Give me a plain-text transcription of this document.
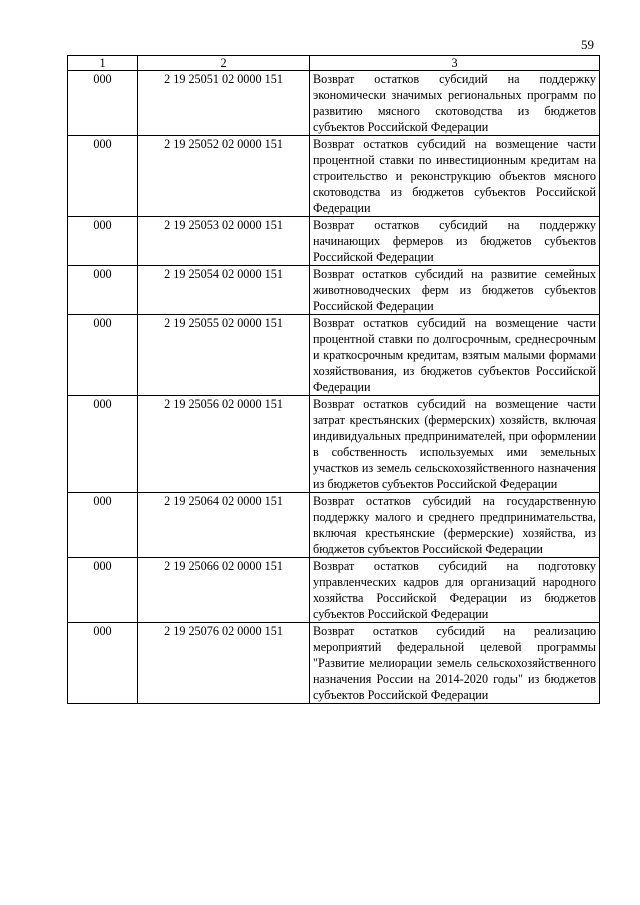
59
1	2	3
000	2 19 25051 02 0000 151	Возврат остатков субсидий на поддержку экономически значимых региональных программ по развитию мясного скотоводства из бюджетов субъектов Российской Федерации
000	2 19 25052 02 0000 151	Возврат остатков субсидий на возмещение части процентной ставки по инвестиционным кредитам на строительство и реконструкцию объектов мясного скотоводства из бюджетов субъектов Российской Федерации
000	2 19 25053 02 0000 151	Возврат остатков субсидий на поддержку начинающих фермеров из бюджетов субъектов Российской Федерации
000	2 19 25054 02 0000 151	Возврат остатков субсидий на развитие семейных животноводческих ферм из бюджетов субъектов Российской Федерации
000	2 19 25055 02 0000 151	Возврат остатков субсидий на возмещение части процентной ставки по долгосрочным, среднесрочным и краткосрочным кредитам, взятым малыми формами хозяйствования, из бюджетов субъектов Российской Федерации
000	2 19 25056 02 0000 151	Возврат остатков субсидий на возмещение части затрат крестьянских (фермерских) хозяйств, включая индивидуальных предпринимателей, при оформлении в собственность используемых ими земельных участков из земель сельскохозяйственного назначения из бюджетов субъектов Российской Федерации
000	2 19 25064 02 0000 151	Возврат остатков субсидий на государственную поддержку малого и среднего предпринимательства, включая крестьянские (фермерские) хозяйства, из бюджетов субъектов Российской Федерации
000	2 19 25066 02 0000 151	Возврат остатков субсидий на подготовку управленческих кадров для организаций народного хозяйства Российской Федерации из бюджетов субъектов Российской Федерации
000	2 19 25076 02 0000 151	Возврат остатков субсидий на реализацию мероприятий федеральной целевой программы "Развитие мелиорации земель сельскохозяйственного назначения России на 2014-2020 годы" из бюджетов субъектов Российской Федерации
